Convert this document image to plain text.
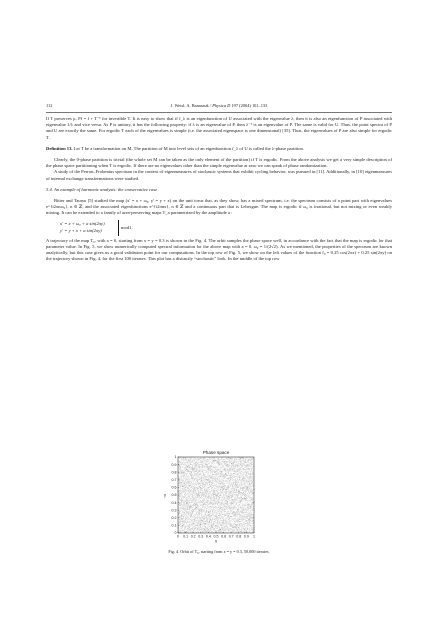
112	J. Weisl, A. Banaszuk / Physica D 197 (2004) 101–133

If T preserves μ, Pf = f ∘ T⁻¹ for invertible T. It is easy to show that if f_λ is an eigenfunction of U associated with the eigenvalue λ, then it is also an eigenfunction of P associated with eigenvalue 1/λ and vice versa. As P is unitary, it has the following property: if λ is an eigenvalue of P, then λ⁻¹ is an eigenvalue of P. The same is valid for U. Thus, the point spectra of P and U are exactly the same. For ergodic T each of the eigenvalues is simple (i.e. the associated eigenspace is one dimensional) [35]. Thus, the eigenvalues of P are also simple for ergodic T.

Definition 13. Let T be a transformation on M. The partition of M into level sets of an eigenfunction f_λ of U is called the λ-phase partition.

Clearly, the 0-phase partition is trivial (the whole set M can be taken as the only element of the partition) if T is ergodic. From the above analysis we get a very simple description of the phase space partitioning when T is ergodic. If there are no eigenvalues other than the simple eigenvalue at zero we can speak of phase randomization.

A study of the Perron–Frobenius spectrum in the context of eigenmeasures of stochastic systems that exhibit cycling behavior, was pursued in [11]. Additionally, in [10] eigenmeasures of internal exchange transformations were studied.

3.4. An example of harmonic analysis: the conservative case

Bitter and Taurus [5] studied the map (x′ = x + ω₀, y′ = y + x) on the unit torus that, as they show, has a mixed spectrum, i.e. the spectrum consists of a point part with eigenvalues e^{i2πnω₀}, n ∈ ℤ, and the associated eigenfunctions e^{i2πnx}, n ∈ ℤ and a continuous part that is Lebesgue. The map is ergodic if ω₀ is irrational, but not mixing or even weakly mixing. It can be extended to a family of area-preserving maps T_a parametrized by the amplitude a :

x′ = x + ω₀ + a sin(2πy)
y′ = y + x + a sin(2πy)
mod1.

A trajectory of the map T₀, with a = 0, starting from x = y = 0.3 is shown in the Fig. 4. The orbit samples the phase space well, in accordance with the fact that the map is ergodic for that parameter value. In Fig. 5, we show numerically computed spectral information for the above map with a = 0, ω₀ = 1/(2√2). As we mentioned, the properties of the spectrum are known analytically, but this case gives us a good validation point for our computations. In the top row of Fig. 5, we show on the left values of the function f₀ = 0.25 cos(2πx) + 0.25 sin(2πy) on the trajectory shown in Fig. 4, for the first 100 iterates. This plot has a distinctly “stochastic” look. In the middle of the top row

Phase space
0 0.1 0.2 0.3 0.4 0.5 0.6 0.7 0.8 0.9 1
0
0.1
0.2
0.3
0.4
0.5
0.6
0.7
0.8
0.9
1
x
y
Fig. 4. Orbit of T₀, starting from x = y = 0.3, 50,000 iterates.
